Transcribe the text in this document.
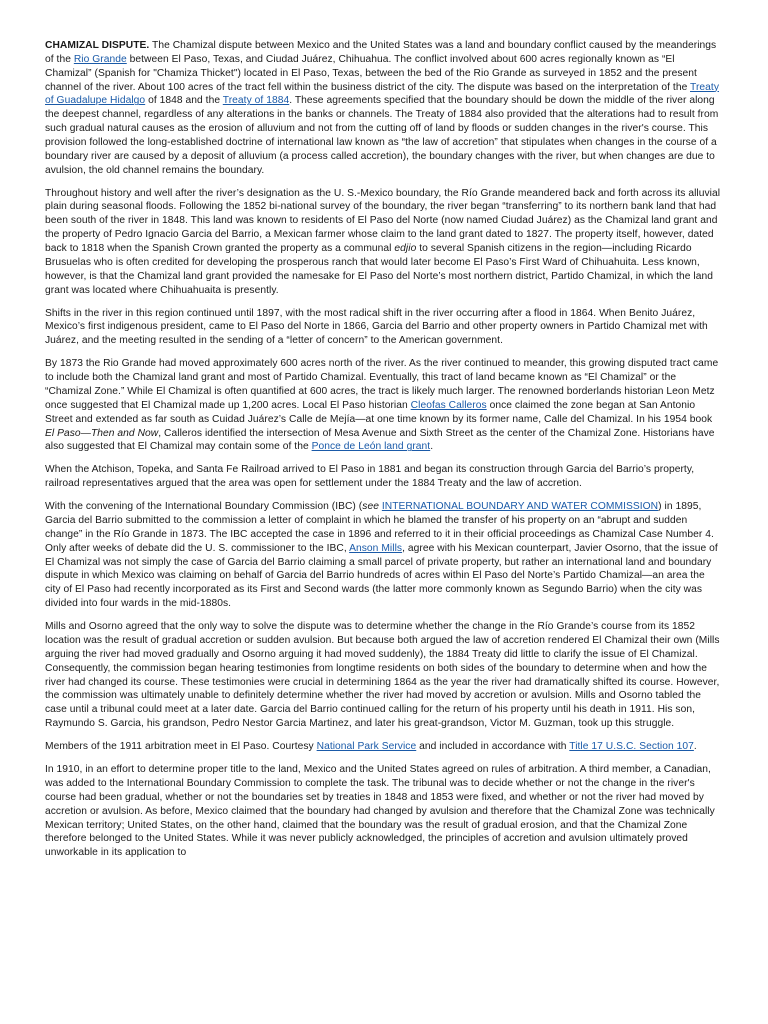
CHAMIZAL DISPUTE. The Chamizal dispute between Mexico and the United States was a land and boundary conflict caused by the meanderings of the Rio Grande between El Paso, Texas, and Ciudad Juárez, Chihuahua. The conflict involved about 600 acres regionally known as “El Chamizal” (Spanish for "Chamiza Thicket") located in El Paso, Texas, between the bed of the Rio Grande as surveyed in 1852 and the present channel of the river. About 100 acres of the tract fell within the business district of the city. The dispute was based on the interpretation of the Treaty of Guadalupe Hidalgo of 1848 and the Treaty of 1884. These agreements specified that the boundary should be down the middle of the river along the deepest channel, regardless of any alterations in the banks or channels. The Treaty of 1884 also provided that the alterations had to result from such gradual natural causes as the erosion of alluvium and not from the cutting off of land by floods or sudden changes in the river's course. This provision followed the long-established doctrine of international law known as “the law of accretion” that stipulates when changes in the course of a boundary river are caused by a deposit of alluvium (a process called accretion), the boundary changes with the river, but when changes are due to avulsion, the old channel remains the boundary.

Throughout history and well after the river’s designation as the U. S.-Mexico boundary, the Río Grande meandered back and forth across its alluvial plain during seasonal floods. Following the 1852 bi-national survey of the boundary, the river began “transferring” to its northern bank land that had been south of the river in 1848. This land was known to residents of El Paso del Norte (now named Ciudad Juárez) as the Chamizal land grant and the property of Pedro Ignacio Garcia del Barrio, a Mexican farmer whose claim to the land grant dated to 1827. The property itself, however, dated back to 1818 when the Spanish Crown granted the property as a communal edjio to several Spanish citizens in the region—including Ricardo Brusuelas who is often credited for developing the prosperous ranch that would later become El Paso’s First Ward of Chihuahuita. Less known, however, is that the Chamizal land grant provided the namesake for El Paso del Norte’s most northern district, Partido Chamizal, in which the land grant was located where Chihuahuaita is presently.

Shifts in the river in this region continued until 1897, with the most radical shift in the river occurring after a flood in 1864. When Benito Juárez, Mexico’s first indigenous president, came to El Paso del Norte in 1866, Garcia del Barrio and other property owners in Partido Chamizal met with Juárez, and the meeting resulted in the sending of a “letter of concern” to the American government.

By 1873 the Rio Grande had moved approximately 600 acres north of the river. As the river continued to meander, this growing disputed tract came to include both the Chamizal land grant and most of Partido Chamizal. Eventually, this tract of land became known as “El Chamizal” or the “Chamizal Zone.” While El Chamizal is often quantified at 600 acres, the tract is likely much larger. The renowned borderlands historian Leon Metz once suggested that El Chamizal made up 1,200 acres. Local El Paso historian Cleofas Calleros once claimed the zone began at San Antonio Street and extended as far south as Cuidad Juárez’s Calle de Mejía—at one time known by its former name, Calle del Chamizal. In his 1954 book El Paso—Then and Now, Calleros identified the intersection of Mesa Avenue and Sixth Street as the center of the Chamizal Zone. Historians have also suggested that El Chamizal may contain some of the Ponce de León land grant.

When the Atchison, Topeka, and Santa Fe Railroad arrived to El Paso in 1881 and began its construction through Garcia del Barrio’s property, railroad representatives argued that the area was open for settlement under the 1884 Treaty and the law of accretion.

With the convening of the International Boundary Commission (IBC) (see INTERNATIONAL BOUNDARY AND WATER COMMISSION) in 1895, Garcia del Barrio submitted to the commission a letter of complaint in which he blamed the transfer of his property on an “abrupt and sudden change” in the Río Grande in 1873. The IBC accepted the case in 1896 and referred to it in their official proceedings as Chamizal Case Number 4. Only after weeks of debate did the U. S. commissioner to the IBC, Anson Mills, agree with his Mexican counterpart, Javier Osorno, that the issue of El Chamizal was not simply the case of Garcia del Barrio claiming a small parcel of private property, but rather an international land and boundary dispute in which Mexico was claiming on behalf of Garcia del Barrio hundreds of acres within El Paso del Norte’s Partido Chamizal—an area the city of El Paso had recently incorporated as its First and Second wards (the latter more commonly known as Segundo Barrio) when the city was divided into four wards in the mid-1880s.

Mills and Osorno agreed that the only way to solve the dispute was to determine whether the change in the Río Grande’s course from its 1852 location was the result of gradual accretion or sudden avulsion. But because both argued the law of accretion rendered El Chamizal their own (Mills arguing the river had moved gradually and Osorno arguing it had moved suddenly), the 1884 Treaty did little to clarify the issue of El Chamizal. Consequently, the commission began hearing testimonies from longtime residents on both sides of the boundary to determine when and how the river had changed its course. These testimonies were crucial in determining 1864 as the year the river had dramatically shifted its course. However, the commission was ultimately unable to definitely determine whether the river had moved by accretion or avulsion. Mills and Osorno tabled the case until a tribunal could meet at a later date. Garcia del Barrio continued calling for the return of his property until his death in 1911. His son, Raymundo S. Garcia, his grandson, Pedro Nestor Garcia Martinez, and later his great-grandson, Victor M. Guzman, took up this struggle.

Members of the 1911 arbitration meet in El Paso. Courtesy National Park Service and included in accordance with Title 17 U.S.C. Section 107.

In 1910, in an effort to determine proper title to the land, Mexico and the United States agreed on rules of arbitration. A third member, a Canadian, was added to the International Boundary Commission to complete the task. The tribunal was to decide whether or not the change in the river's course had been gradual, whether or not the boundaries set by treaties in 1848 and 1853 were fixed, and whether or not the river had moved by accretion or avulsion. As before, Mexico claimed that the boundary had changed by avulsion and therefore that the Chamizal Zone was technically Mexican territory; United States, on the other hand, claimed that the boundary was the result of gradual erosion, and that the Chamizal Zone therefore belonged to the United States. While it was never publicly acknowledged, the principles of accretion and avulsion ultimately proved unworkable in its application to
